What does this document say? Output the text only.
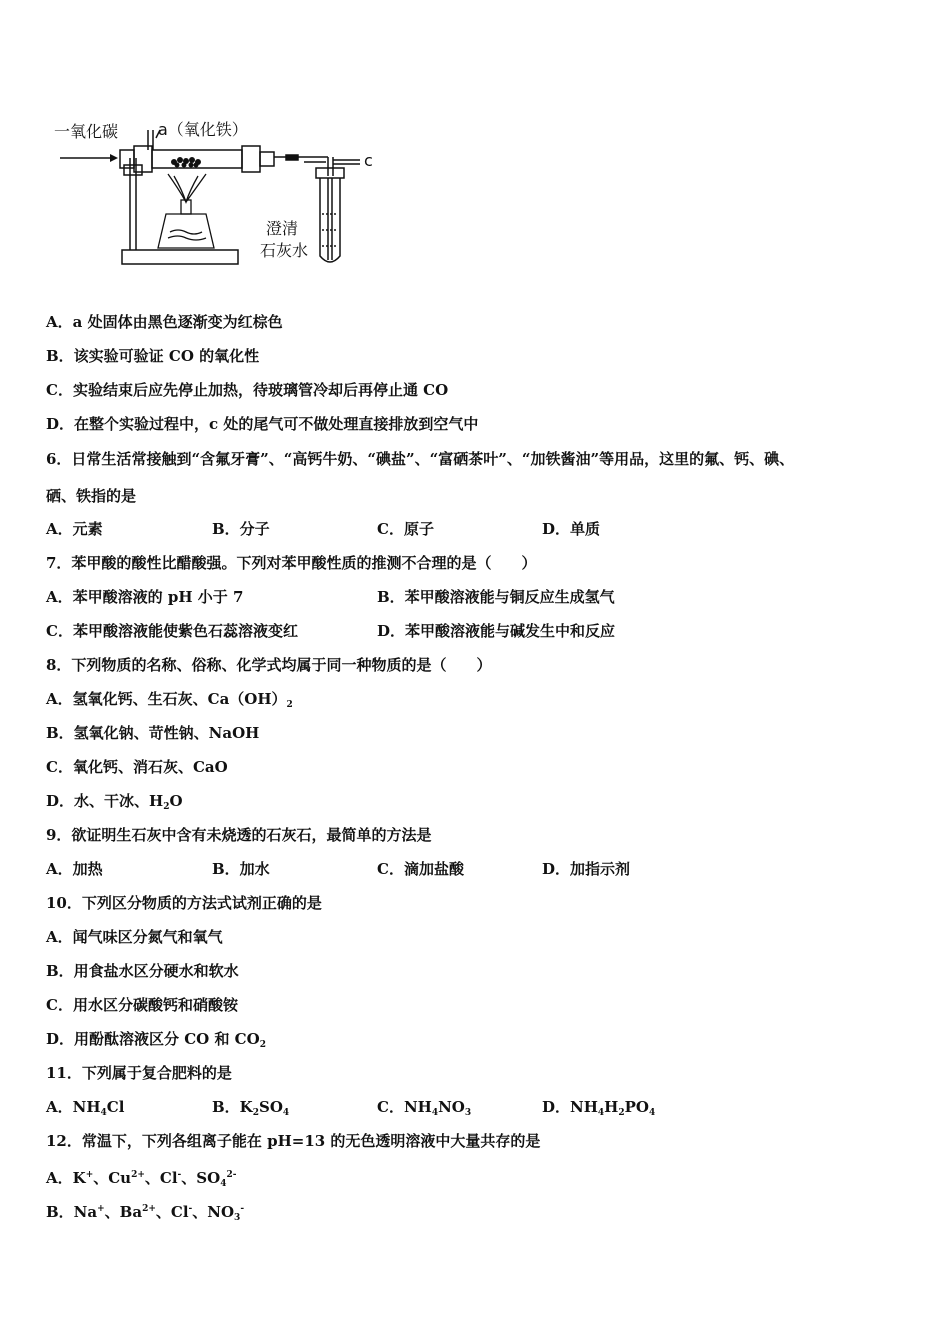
一氧化碳 a（氧化铁）
c
澄清
石灰水
A．a 处固体由黑色逐渐变为红棕色
B．该实验可验证 CO 的氧化性
C．实验结束后应先停止加热，待玻璃管冷却后再停止通 CO
D．在整个实验过程中，c 处的尾气可不做处理直接排放到空气中
6．日常生活常接触到“含氟牙膏”、“高钙牛奶、“碘盐”、“富硒茶叶”、“加铁酱油”等用品，这里的氟、钙、碘、
硒、铁指的是
A．元素	B．分子	C．原子	D．单质
7．苯甲酸的酸性比醋酸强。下列对苯甲酸性质的推测不合理的是（　　）
A．苯甲酸溶液的 pH 小于 7	B．苯甲酸溶液能与铜反应生成氢气
C．苯甲酸溶液能使紫色石蕊溶液变红	D．苯甲酸溶液能与碱发生中和反应
8．下列物质的名称、俗称、化学式均属于同一种物质的是（　　）
A．氢氧化钙、生石灰、$Ca(OH)_2$
B．氢氧化钠、苛性钠、NaOH
C．氧化钙、消石灰、CaO
D．水、干冰、$H_2O$
9．欲证明生石灰中含有未烧透的石灰石，最简单的方法是
A．加热	B．加水	C．滴加盐酸	D．加指示剂
10．下列区分物质的方法式试剂正确的是
A．闻气味区分氮气和氧气
B．用食盐水区分硬水和软水
C．用水区分碳酸钙和硝酸铵
D．用酚酞溶液区分 CO 和 $CO_2$
11．下列属于复合肥料的是
A．$NH_4Cl$	B．$K_2SO_4$	C．$NH_4NO_3$	D．$NH_4H_2PO_4$
12．常温下，下列各组离子能在 pH=13 的无色透明溶液中大量共存的是
A．K+、$Cu^{2+}$、Cl-、$SO_4^{2-}$
B．Na+、$Ba^{2+}$、Cl-、$NO_3^-$
